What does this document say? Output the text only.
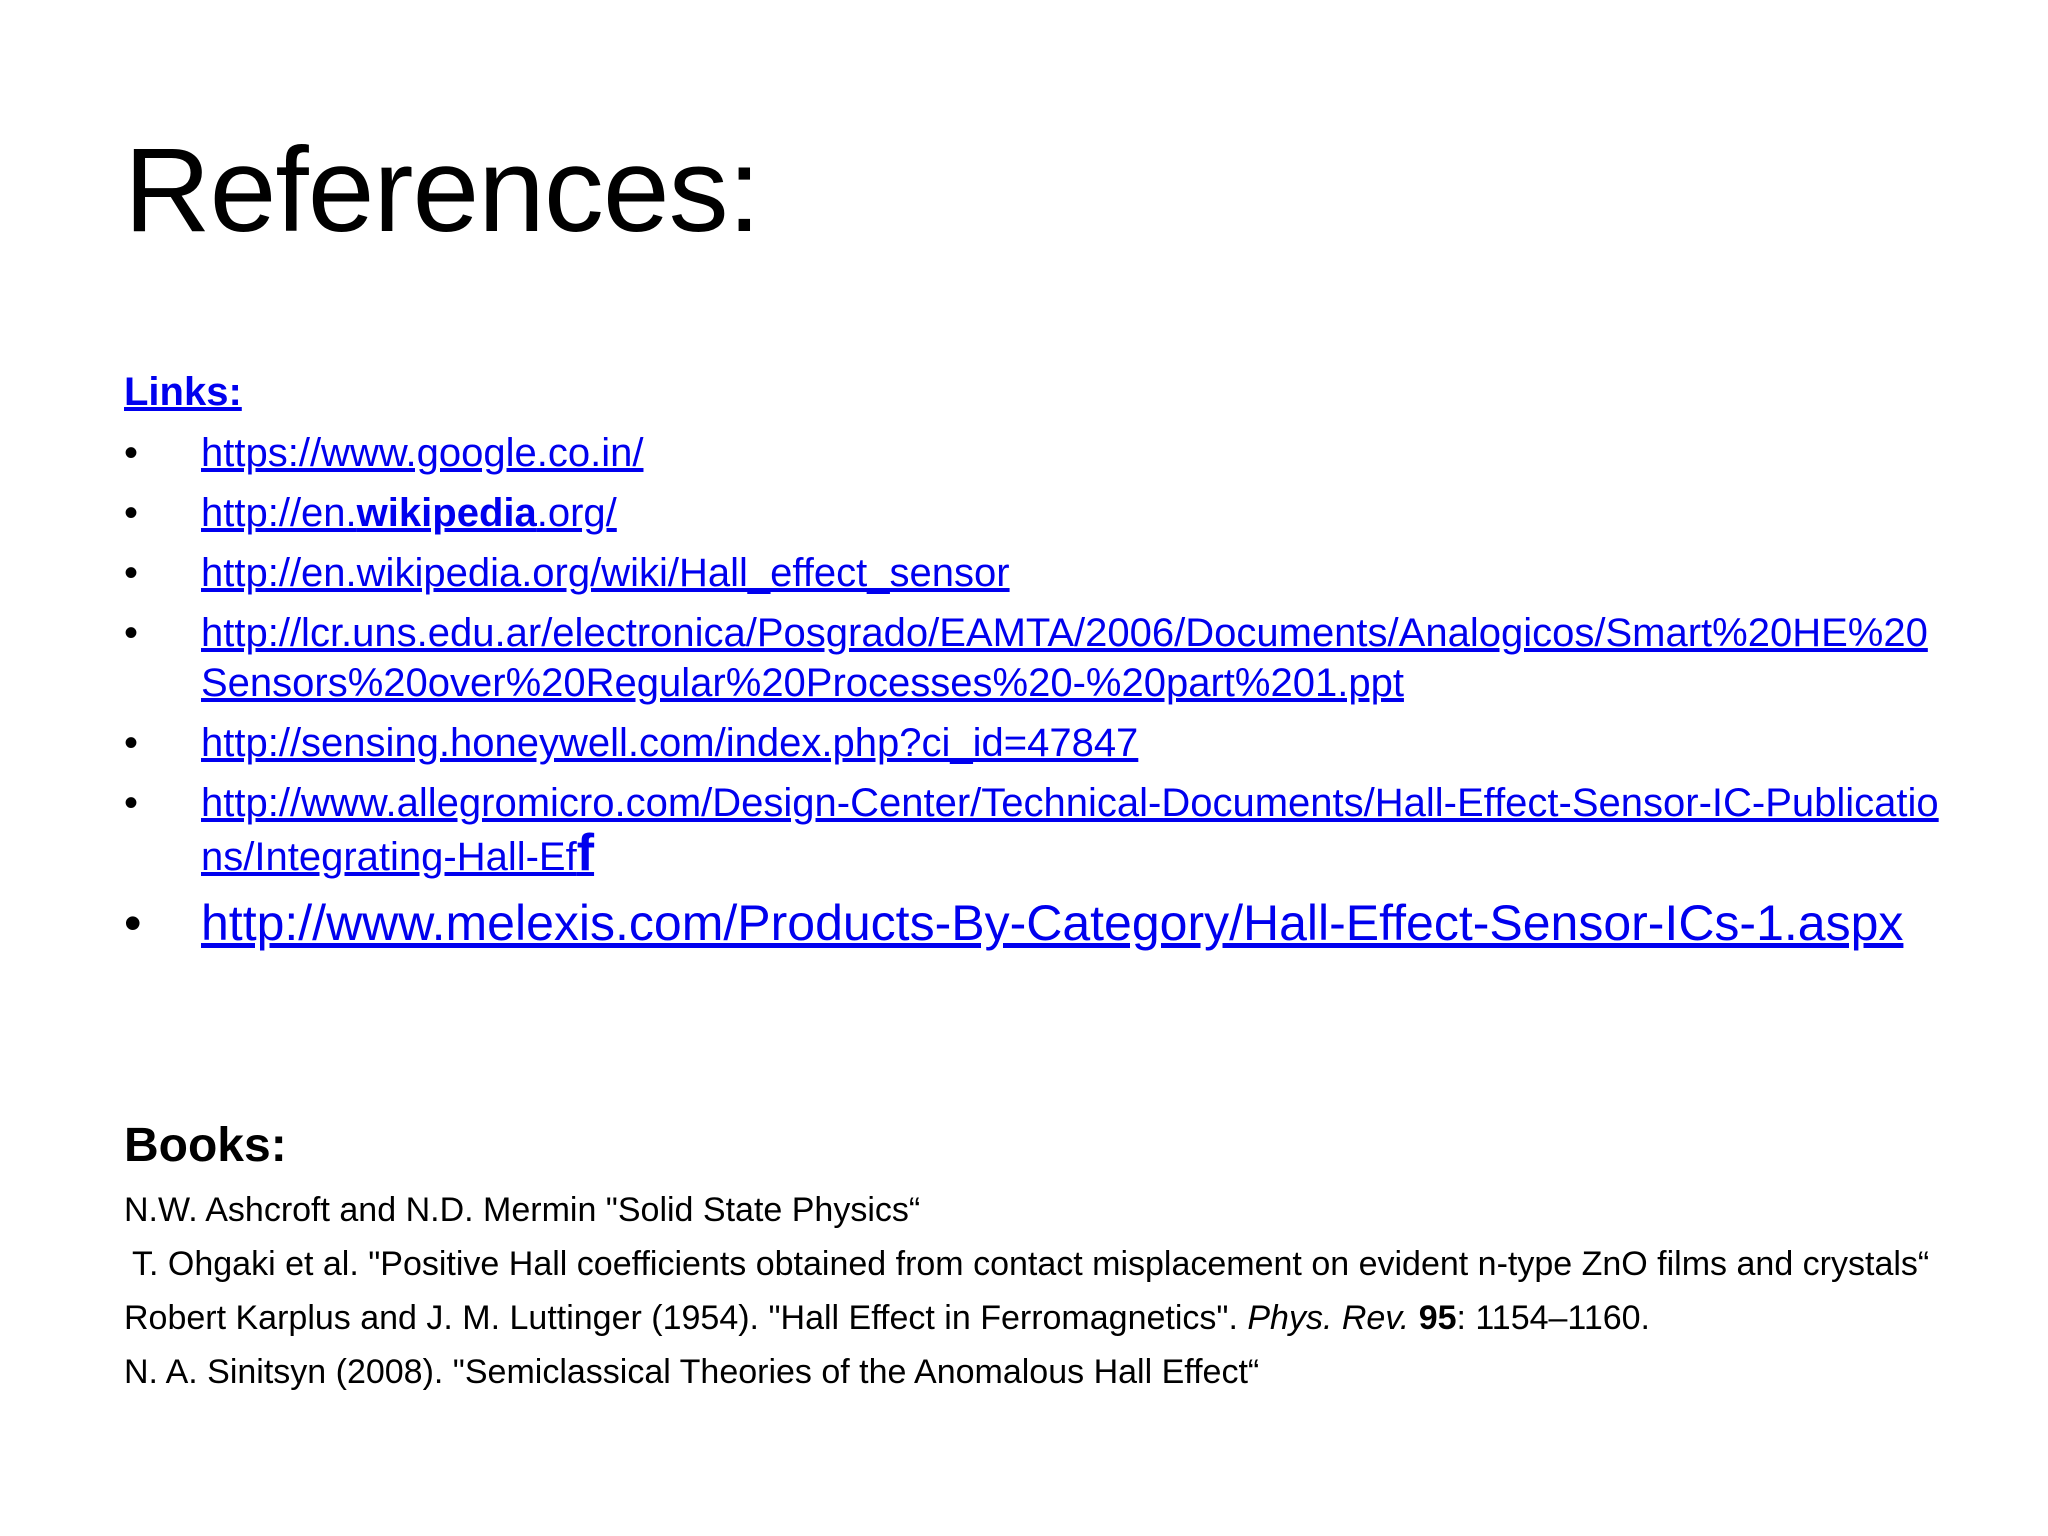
References:
Links:
• https://www.google.co.in/
• http://en.wikipedia.org/
• http://en.wikipedia.org/wiki/Hall_effect_sensor
• http://lcr.uns.edu.ar/electronica/Posgrado/EAMTA/2006/Documents/Analogicos/Smart%20HE%20Sensors%20over%20Regular%20Processes%20-%20part%201.ppt
• http://sensing.honeywell.com/index.php?ci_id=47847
• http://www.allegromicro.com/Design-Center/Technical-Documents/Hall-Effect-Sensor-IC-Publications/Integrating-Hall-Eff
• http://www.melexis.com/Products-By-Category/Hall-Effect-Sensor-ICs-1.aspx
Books:
N.W. Ashcroft and N.D. Mermin "Solid State Physics“
T. Ohgaki et al. "Positive Hall coefficients obtained from contact misplacement on evident n-type ZnO films and crystals“
Robert Karplus and J. M. Luttinger (1954). "Hall Effect in Ferromagnetics". Phys. Rev. 95: 1154–1160.
N. A. Sinitsyn (2008). "Semiclassical Theories of the Anomalous Hall Effect“
